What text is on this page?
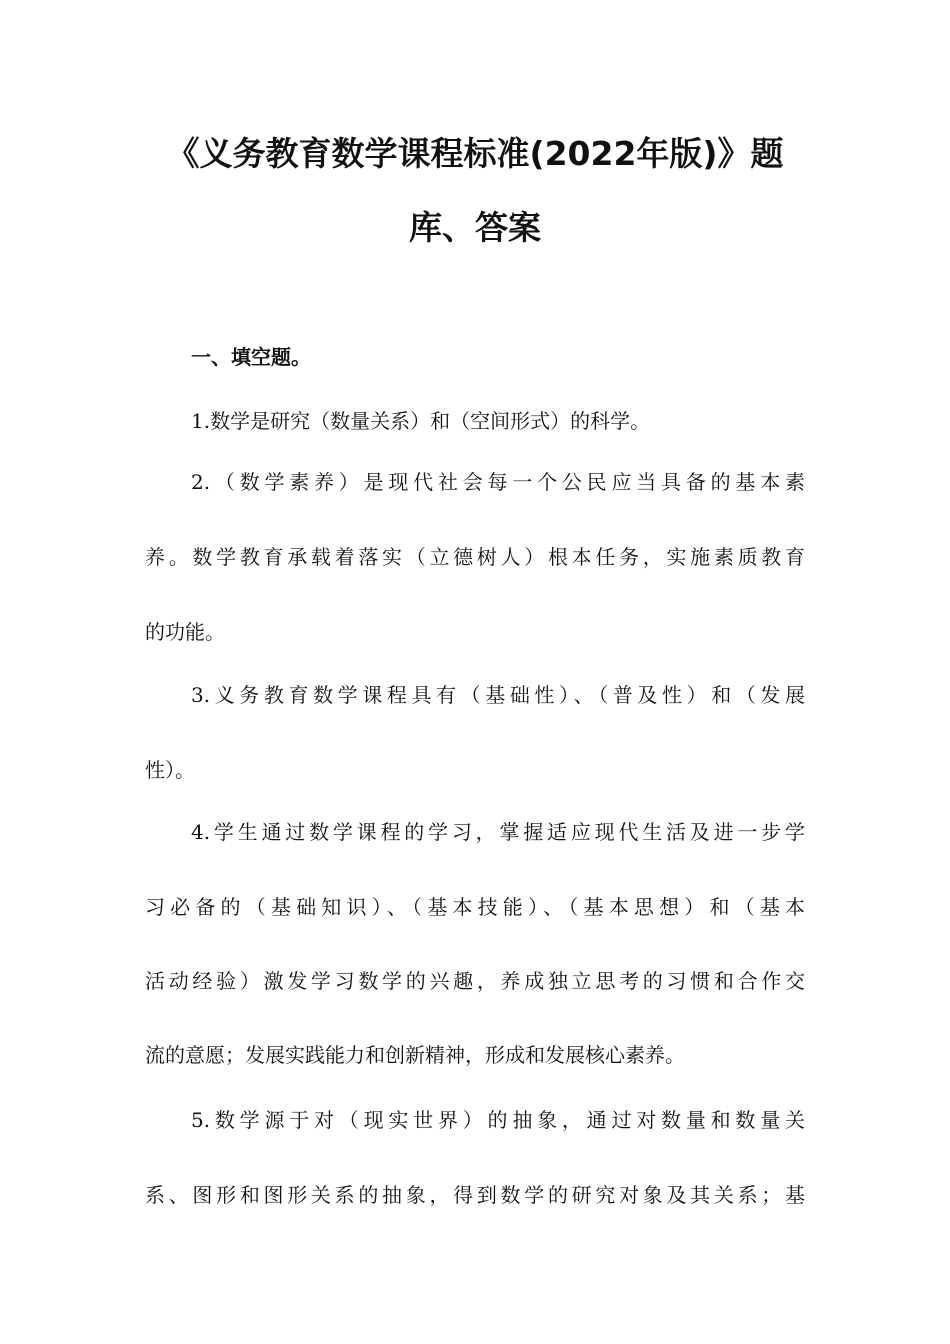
《义务教育数学课程标准(2022年版)》题
库、答案
一、填空题。
1.数学是研究（数量关系）和（空间形式）的科学。
2.（数学素养）是现代社会每一个公民应当具备的基本素
养。数学教育承载着落实（立德树人）根本任务，实施素质教育
的功能。
3.义务教育数学课程具有（基础性）、（普及性）和（发展
性）。
4.学生通过数学课程的学习，掌握适应现代生活及进一步学
习必备的（基础知识）、（基本技能）、（基本思想）和（基本
活动经验）激发学习数学的兴趣，养成独立思考的习惯和合作交
流的意愿；发展实践能力和创新精神，形成和发展核心素养。
5.数学源于对（现实世界）的抽象，通过对数量和数量关
系、图形和图形关系的抽象，得到数学的研究对象及其关系；基
